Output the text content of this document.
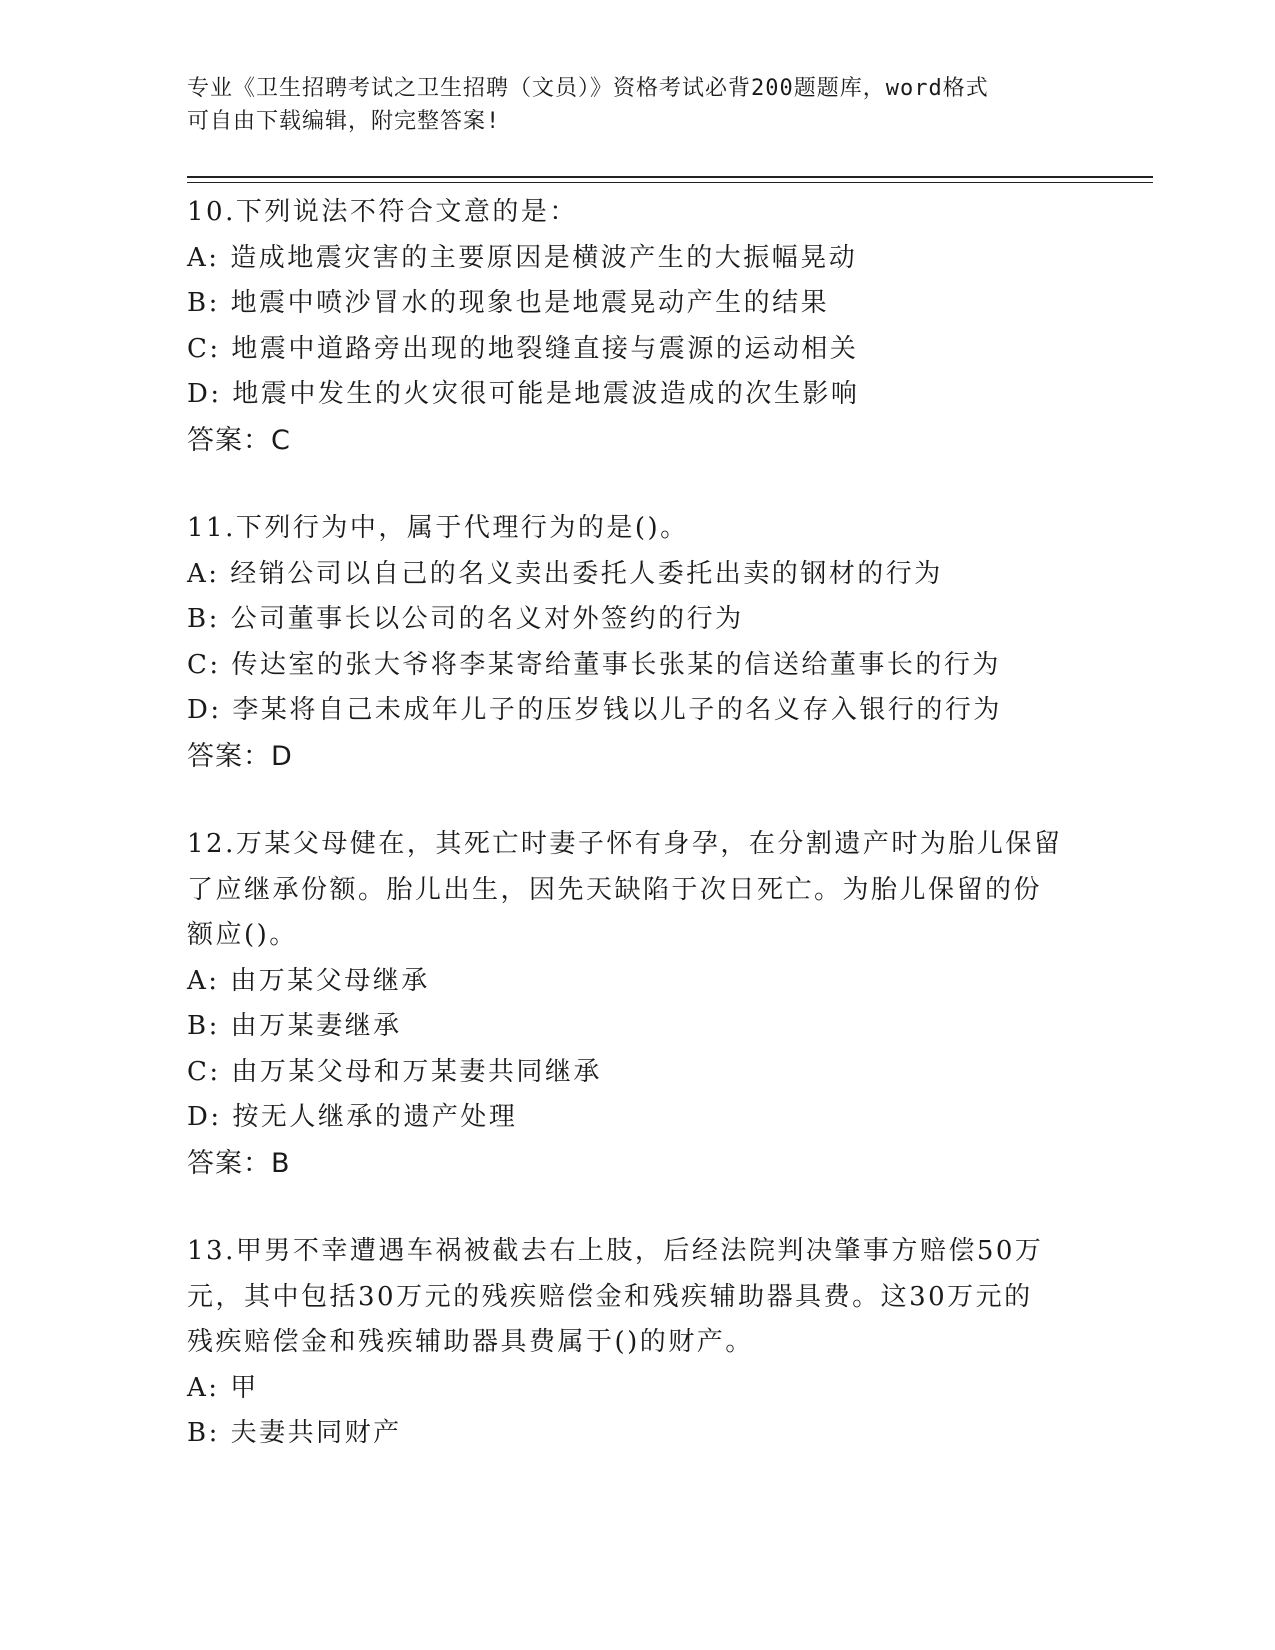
专业《卫生招聘考试之卫生招聘（文员）》资格考试必背200题题库，word格式
可自由下载编辑，附完整答案!
10.下列说法不符合文意的是：
A: 造成地震灾害的主要原因是横波产生的大振幅晃动
B: 地震中喷沙冒水的现象也是地震晃动产生的结果
C: 地震中道路旁出现的地裂缝直接与震源的运动相关
D: 地震中发生的火灾很可能是地震波造成的次生影响
答案：C
11.下列行为中，属于代理行为的是()。
A: 经销公司以自己的名义卖出委托人委托出卖的钢材的行为
B: 公司董事长以公司的名义对外签约的行为
C: 传达室的张大爷将李某寄给董事长张某的信送给董事长的行为
D: 李某将自己未成年儿子的压岁钱以儿子的名义存入银行的行为
答案：D
12.万某父母健在，其死亡时妻子怀有身孕，在分割遗产时为胎儿保留
了应继承份额。胎儿出生，因先天缺陷于次日死亡。为胎儿保留的份
额应()。
A: 由万某父母继承
B: 由万某妻继承
C: 由万某父母和万某妻共同继承
D: 按无人继承的遗产处理
答案：B
13.甲男不幸遭遇车祸被截去右上肢，后经法院判决肇事方赔偿50万
元，其中包括30万元的残疾赔偿金和残疾辅助器具费。这30万元的
残疾赔偿金和残疾辅助器具费属于()的财产。
A: 甲
B: 夫妻共同财产
